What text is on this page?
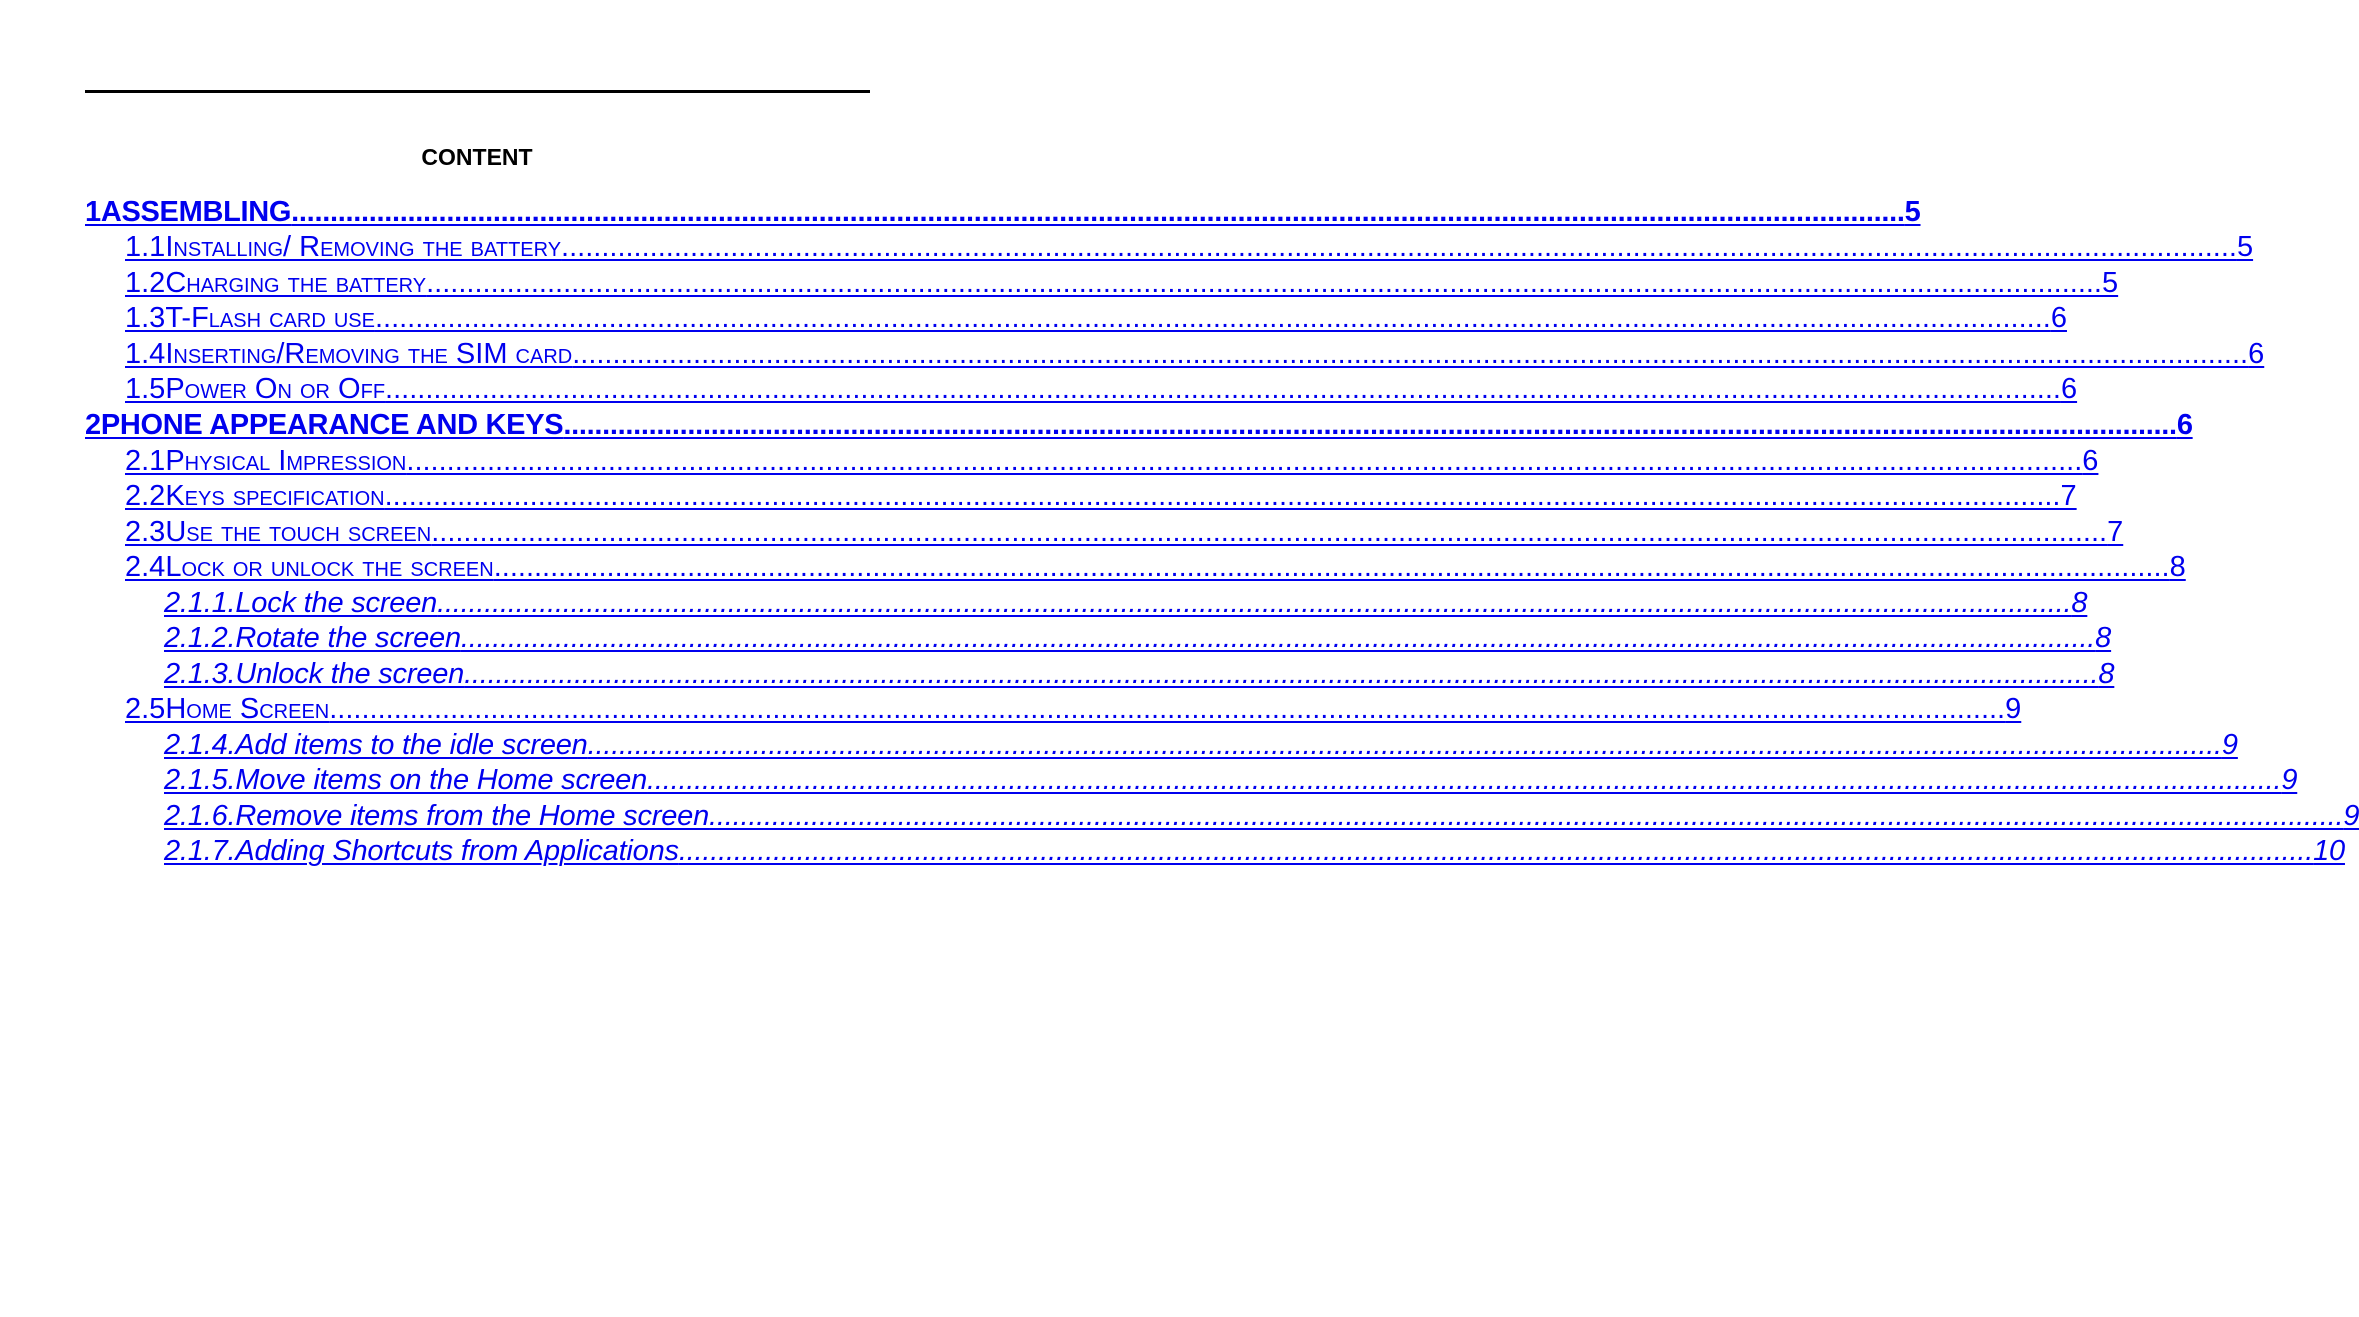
CONTENT
1ASSEMBLING ................................................................................................................................................................................................................ 5
1.1Installing/ Removing the battery ................................................................................................................................................................................................................ 5
1.2Charging the battery ................................................................................................................................................................................................................ 5
1.3T-Flash card use ................................................................................................................................................................................................................ 6
1.4Inserting/Removing the SIM card ................................................................................................................................................................................................................ 6
1.5Power On or Off ................................................................................................................................................................................................................ 6
2PHONE APPEARANCE AND KEYS ................................................................................................................................................................................................................ 6
2.1Physical Impression ................................................................................................................................................................................................................ 6
2.2Keys specification ................................................................................................................................................................................................................ 7
2.3Use the touch screen ................................................................................................................................................................................................................ 7
2.4Lock or unlock the screen ................................................................................................................................................................................................................ 8
2.1.1.Lock the screen ................................................................................................................................................................................................................ 8
2.1.2.Rotate the screen ................................................................................................................................................................................................................ 8
2.1.3.Unlock the screen ................................................................................................................................................................................................................ 8
2.5Home Screen ................................................................................................................................................................................................................ 9
2.1.4.Add items to the idle screen ................................................................................................................................................................................................................ 9
2.1.5.Move items on the Home screen ................................................................................................................................................................................................................ 9
2.1.6.Remove items from the Home screen ................................................................................................................................................................................................................ 9
2.1.7.Adding Shortcuts from Applications ................................................................................................................................................................................................................ 10
